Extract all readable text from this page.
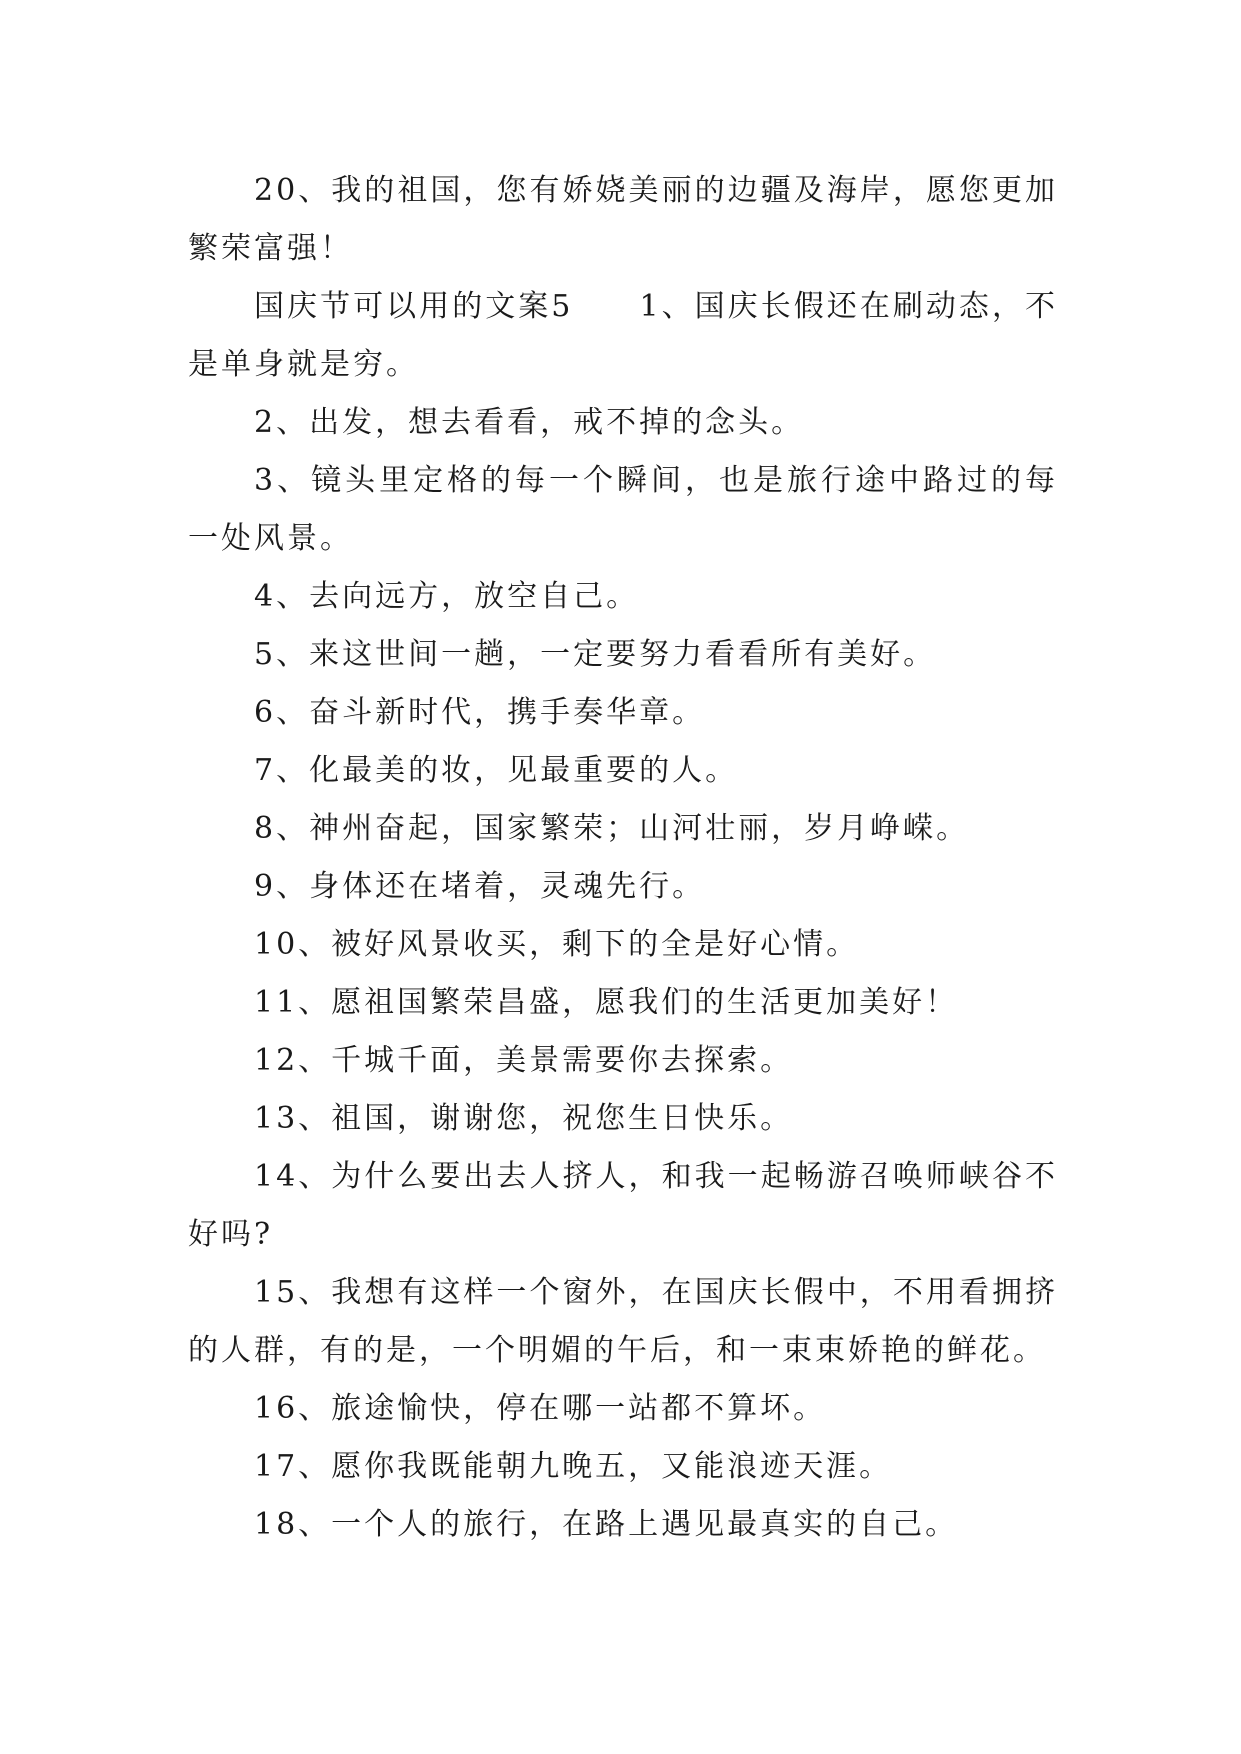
20、我的祖国，您有娇娆美丽的边疆及海岸，愿您更加繁荣富强！

国庆节可以用的文案5　　1、国庆长假还在刷动态，不是单身就是穷。

2、出发，想去看看，戒不掉的念头。

3、镜头里定格的每一个瞬间，也是旅行途中路过的每一处风景。

4、去向远方，放空自己。

5、来这世间一趟，一定要努力看看所有美好。

6、奋斗新时代，携手奏华章。

7、化最美的妆，见最重要的人。

8、神州奋起，国家繁荣；山河壮丽，岁月峥嵘。

9、身体还在堵着，灵魂先行。

10、被好风景收买，剩下的全是好心情。

11、愿祖国繁荣昌盛，愿我们的生活更加美好！

12、千城千面，美景需要你去探索。

13、祖国，谢谢您，祝您生日快乐。

14、为什么要出去人挤人，和我一起畅游召唤师峡谷不好吗?

15、我想有这样一个窗外，在国庆长假中，不用看拥挤的人群，有的是，一个明媚的午后，和一束束娇艳的鲜花。

16、旅途愉快，停在哪一站都不算坏。

17、愿你我既能朝九晚五，又能浪迹天涯。

18、一个人的旅行，在路上遇见最真实的自己。
